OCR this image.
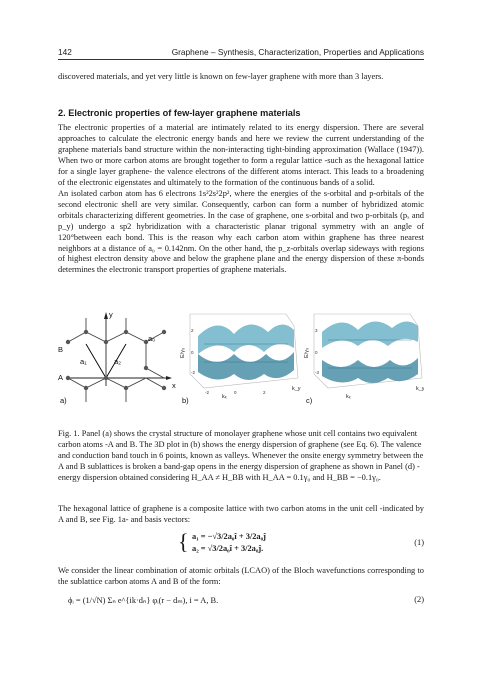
142	Graphene – Synthesis, Characterization, Properties and Applications

discovered materials, and yet very little is known on few-layer graphene with more than 3 layers.

2. Electronic properties of few-layer graphene materials

The electronic properties of a material are intimately related to its energy dispersion. There are several approaches to calculate the electronic energy bands and here we review the current understanding of the graphene materials band structure within the non-interacting tight-binding approximation (Wallace (1947)). When two or more carbon atoms are brought together to form a regular lattice -such as the hexagonal lattice for a single layer graphene- the valence electrons of the different atoms interact. This leads to a broadening of the electronic eigenstates and ultimately to the formation of the continuous bands of a solid.

An isolated carbon atom has 6 electrons 1s²2s²2p², where the energies of the s-orbital and p-orbitals of the second electronic shell are very similar. Consequently, carbon can form a number of hybridized atomic orbitals characterizing different geometries. In the case of graphene, one s-orbital and two p-orbitals (pₓ and p_y) undergo a sp2 hybridization with a characteristic planar trigonal symmetry with an angle of 120°between each bond. This is the reason why each carbon atom within graphene has three nearest neighbors at a distance of a₀ = 0.142nm. On the other hand, the p_z-orbitals overlap sideways with regions of highest electron density above and below the graphene plane and the energy dispersion of these π-bonds determines the electronic transport properties of graphene materials.

y
x
B
A
a₀
a₁	a₂
a)	b)	c)
E/γ₀
kₓ
k_y
-2	0	2
2
0
-2
E/γ₀
kₓ
k_y
3
0
-3

Fig. 1. Panel (a) shows the crystal structure of monolayer graphene whose unit cell contains two equivalent carbon atoms -A and B. The 3D plot in (b) shows the energy dispersion of graphene (see Eq. 6). The valence and conduction band touch in 6 points, known as valleys. Whenever the onsite energy symmetry between the A and B sublattices is broken a band-gap opens in the energy dispersion of graphene as shown in Panel (d) -energy dispersion obtained considering H_AA ≠ H_BB with H_AA = 0.1γ₀ and H_BB = −0.1γ₀.

The hexagonal lattice of graphene is a composite lattice with two carbon atoms in the unit cell -indicated by A and B, see Fig. 1a- and basis vectors:

{ a₁ = −√3/2a₀î + 3/2a₀ĵ
a₂ = √3/2a₀î + 3/2a₀ĵ.
(1)

We consider the linear combination of atomic orbitals (LCAO) of the Bloch wavefunctions corresponding to the sublattice carbon atoms A and B of the form:

ϕᵢ = (1/√N) Σₙ e^{ik·dₙ} φᵢ(r − dₘ), i = A, B.	(2)
